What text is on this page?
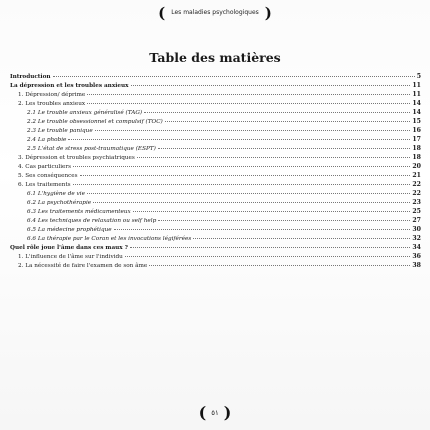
( Les maladies psychologiques )
Table des matières
Introduction	5
La dépression et les troubles anxieux	11
1. Dépression/ déprime	11
2. Les troubles anxieux	14
2.1 Le trouble anxieux généralisé (TAG)	14
2.2 Le trouble obsessionnel et compulsif (TOC)	15
2.3 Le trouble panique	16
2.4 La phobie	17
2.5 L'état de stress post-traumatique (ESPT)	18
3. Dépression et troubles psychiatriques	18
4. Cas particuliers	20
5. Ses conséquences	21
6. Les traitements	22
6.1 L'hygiène de vie	22
6.2 La psychothérapie	23
6.3 Les traitements médicamenteux	25
6.4 Les techniques de relaxation ou self help	27
6.5 La médecine prophétique	30
6.6 La thérapie par le Coran et les invocations légiférées	32
Quel rôle joue l'âme dans ces maux ?	34
1. L'influence de l'âme sur l'individu	36
2. La nécessité de faire l'examen de son âme	38
( ٥١ )
